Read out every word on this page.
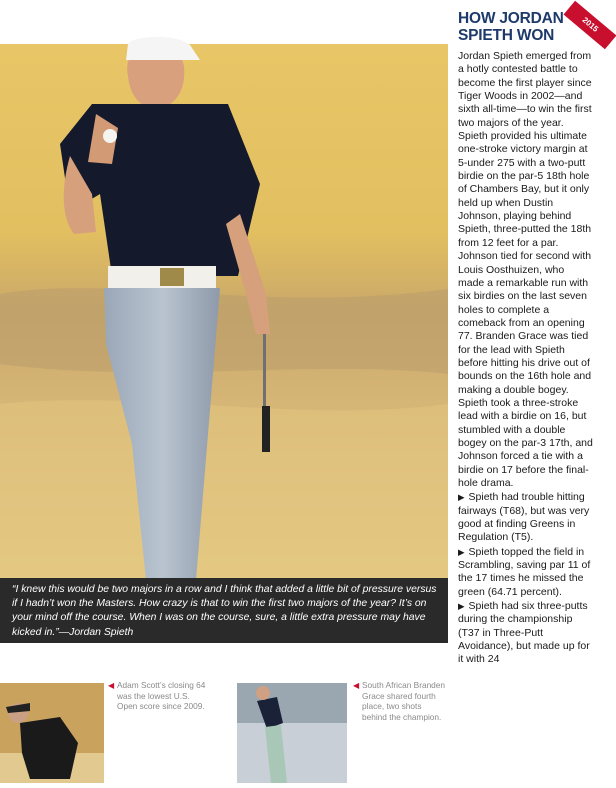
“I knew this would be two majors in a row and I think that added a little bit of pressure versus if I hadn’t won the Masters. How crazy is that to win the first two majors of the year? It’s on your mind off the course. When I was on the course, sure, a little extra pressure may have kicked in.”—Jordan Spieth
HOW JORDAN
SPIETH WON
2015
Jordan Spieth emerged from a hotly contested battle to become the first player since Tiger Woods in 2002—and sixth all-time—to win the first two majors of the year. Spieth provided his ultimate one-stroke victory margin at 5-under 275 with a two-putt birdie on the par-5 18th hole of Chambers Bay, but it only held up when Dustin Johnson, playing behind Spieth, three-putted the 18th from 12 feet for a par. Johnson tied for second with Louis Oosthuizen, who made a remarkable run with six birdies on the last seven holes to complete a comeback from an opening 77. Branden Grace was tied for the lead with Spieth before hitting his drive out of bounds on the 16th hole and making a double bogey. Spieth took a three-stroke lead with a birdie on 16, but stumbled with a double bogey on the par-3 17th, and Johnson forced a tie with a birdie on 17 before the final-hole drama.
▶ Spieth had trouble hitting fairways (T68), but was very good at finding Greens in Regulation (T5).
▶ Spieth topped the field in Scrambling, saving par 11 of the 17 times he missed the green (64.71 percent).
▶ Spieth had six three-putts during the championship (T37 in Three-Putt Avoidance), but made up for it with 24
◀ Adam Scott’s closing 64 was the lowest U.S. Open score since 2009.
◀ South African Branden Grace shared fourth place, two shots behind the champion.
